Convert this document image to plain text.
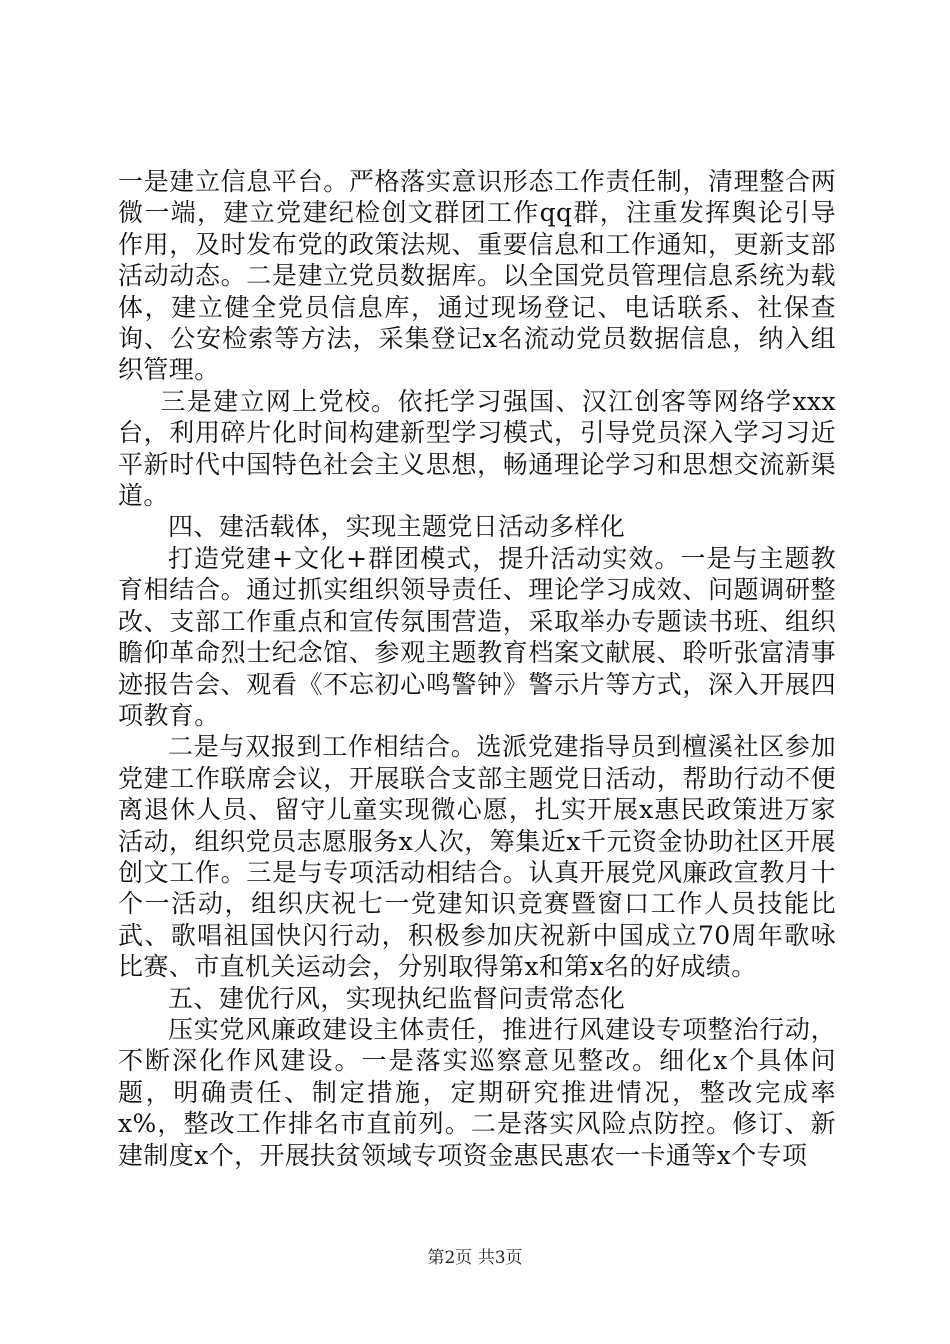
一是建立信息平台。严格落实意识形态工作责任制，清理整合两微一端，建立党建纪检创文群团工作qq群，注重发挥舆论引导作用，及时发布党的政策法规、重要信息和工作通知，更新支部活动动态。二是建立党员数据库。以全国党员管理信息系统为载体，建立健全党员信息库，通过现场登记、电话联系、社保查询、公安检索等方法，采集登记x名流动党员数据信息，纳入组织管理。

三是建立网上党校。依托学习强国、汉江创客等网络学xxx台，利用碎片化时间构建新型学习模式，引导党员深入学习习近平新时代中国特色社会主义思想，畅通理论学习和思想交流新渠道。

四、建活载体，实现主题党日活动多样化

打造党建+文化+群团模式，提升活动实效。一是与主题教育相结合。通过抓实组织领导责任、理论学习成效、问题调研整改、支部工作重点和宣传氛围营造，采取举办专题读书班、组织瞻仰革命烈士纪念馆、参观主题教育档案文献展、聆听张富清事迹报告会、观看《不忘初心鸣警钟》警示片等方式，深入开展四项教育。

二是与双报到工作相结合。选派党建指导员到檀溪社区参加党建工作联席会议，开展联合支部主题党日活动，帮助行动不便离退休人员、留守儿童实现微心愿，扎实开展x惠民政策进万家活动，组织党员志愿服务x人次，筹集近x千元资金协助社区开展创文工作。三是与专项活动相结合。认真开展党风廉政宣教月十个一活动，组织庆祝七一党建知识竞赛暨窗口工作人员技能比武、歌唱祖国快闪行动，积极参加庆祝新中国成立70周年歌咏比赛、市直机关运动会，分别取得第x和第x名的好成绩。

五、建优行风，实现执纪监督问责常态化

压实党风廉政建设主体责任，推进行风建设专项整治行动，不断深化作风建设。一是落实巡察意见整改。细化x个具体问题，明确责任、制定措施，定期研究推进情况，整改完成率x%，整改工作排名市直前列。二是落实风险点防控。修订、新建制度x个，开展扶贫领域专项资金惠民惠农一卡通等x个专项

第2页 共3页
